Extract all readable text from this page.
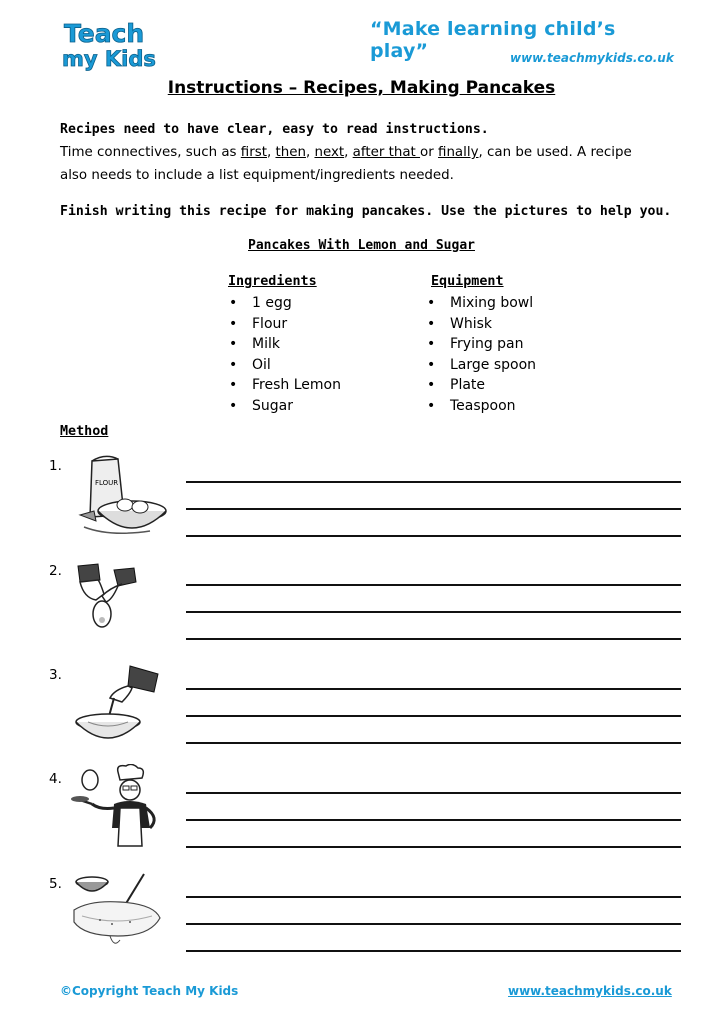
Teach
my Kids
“Make learning child’s play”	www.teachmykids.co.uk
Instructions – Recipes, Making Pancakes
Recipes need to have clear, easy to read instructions.
Time connectives, such as first, then, next, after that or finally, can be used. A recipe
also needs to include a list equipment/ingredients needed.
Finish writing this recipe for making pancakes. Use the pictures to help you.
Pancakes With Lemon and Sugar
Ingredients
• 1 egg
• Flour
• Milk
• Oil
• Fresh Lemon
• Sugar
Equipment
• Mixing bowl
• Whisk
• Frying pan
• Large spoon
• Plate
• Teaspoon
Method
1.
FLOUR
2.
3.
4.
5.
©Copyright Teach My Kids	www.teachmykids.co.uk
